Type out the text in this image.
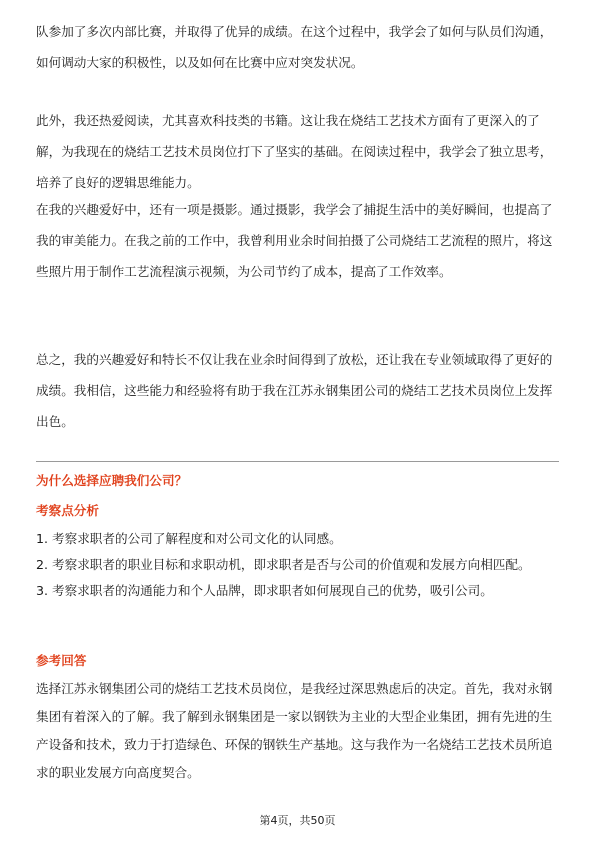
队参加了多次内部比赛，并取得了优异的成绩。在这个过程中，我学会了如何与队员们沟通，如何调动大家的积极性，以及如何在比赛中应对突发状况。

此外，我还热爱阅读，尤其喜欢科技类的书籍。这让我在烧结工艺技术方面有了更深入的了解，为我现在的烧结工艺技术员岗位打下了坚实的基础。在阅读过程中，我学会了独立思考，培养了良好的逻辑思维能力。

在我的兴趣爱好中，还有一项是摄影。通过摄影，我学会了捕捉生活中的美好瞬间，也提高了我的审美能力。在我之前的工作中，我曾利用业余时间拍摄了公司烧结工艺流程的照片，将这些照片用于制作工艺流程演示视频，为公司节约了成本，提高了工作效率。

总之，我的兴趣爱好和特长不仅让我在业余时间得到了放松，还让我在专业领域取得了更好的成绩。我相信，这些能力和经验将有助于我在江苏永钢集团公司的烧结工艺技术员岗位上发挥出色。

为什么选择应聘我们公司？

考察点分析

1. 考察求职者的公司了解程度和对公司文化的认同感。
2. 考察求职者的职业目标和求职动机，即求职者是否与公司的价值观和发展方向相匹配。
3. 考察求职者的沟通能力和个人品牌，即求职者如何展现自己的优势，吸引公司。

参考回答

选择江苏永钢集团公司的烧结工艺技术员岗位，是我经过深思熟虑后的决定。首先，我对永钢集团有着深入的了解。我了解到永钢集团是一家以钢铁为主业的大型企业集团，拥有先进的生产设备和技术，致力于打造绿色、环保的钢铁生产基地。这与我作为一名烧结工艺技术员所追求的职业发展方向高度契合。

第4页，共50页
